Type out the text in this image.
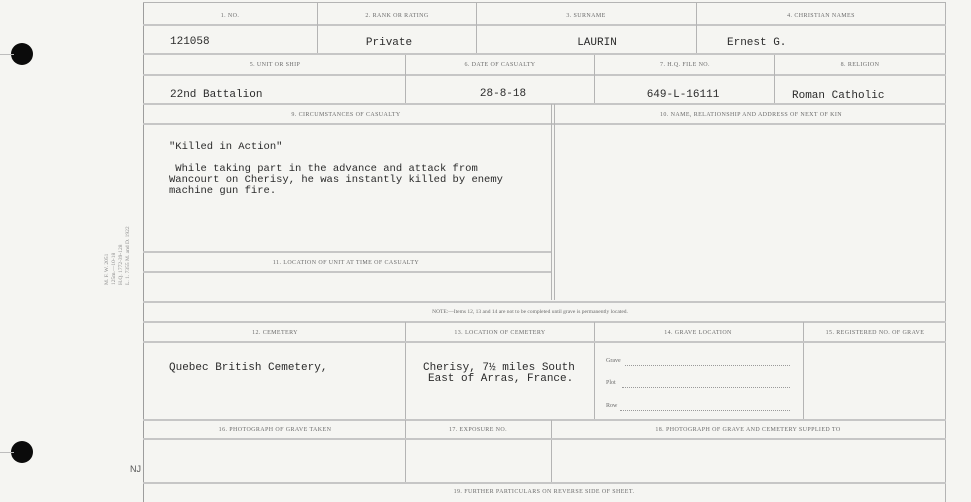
1. NO.	2. RANK OR RATING	3. SURNAME	4. CHRISTIAN NAMES
121058	Private	LAURIN	Ernest G.
5. UNIT OR SHIP	6. DATE OF CASUALTY	7. H.Q. FILE NO.	8. RELIGION
22nd Battalion	28-8-18	649-L-16111	Roman Catholic
9. CIRCUMSTANCES OF CASUALTY	10. NAME, RELATIONSHIP AND ADDRESS OF NEXT OF KIN
"Killed in Action"
While taking part in the advance and attack from
Wancourt on Cherisy, he was instantly killed by enemy
machine gun fire.
11. LOCATION OF UNIT AT TIME OF CASUALTY
NOTE:—Items 12, 13 and 14 are not to be completed until grave is permanently located.
12. CEMETERY	13. LOCATION OF CEMETERY	14. GRAVE LOCATION	15. REGISTERED NO. OF GRAVE
Quebec British Cemetery,	Cherisy, 7½ miles South
East of Arras, France.
Grave
Plot
Row
16. PHOTOGRAPH OF GRAVE TAKEN	17. EXPOSURE NO.	18. PHOTOGRAPH OF GRAVE AND CEMETERY SUPPLIED TO
19. FURTHER PARTICULARS ON REVERSE SIDE OF SHEET.
M. F. W. 2051 125m.—10-18 H.Q. 1772-39-128 L. 1. 7355 M. and D. 1922
NJ
